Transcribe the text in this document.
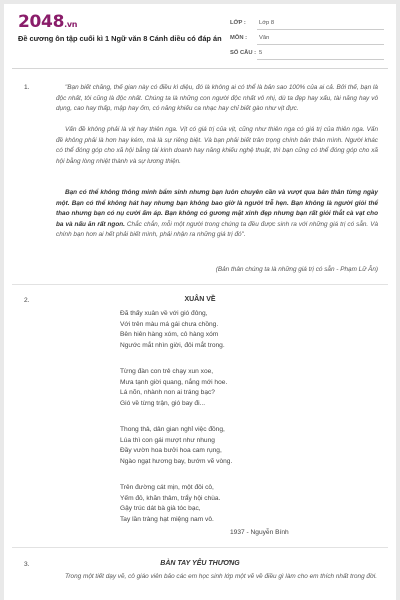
2048.vn
Đề cương ôn tập cuối kì 1 Ngữ văn 8 Cánh diều có đáp án
LỚP : Lớp 8
MÔN : Văn
SỐ CÂU : 5
1.	"Bạn biết chăng, thế gian này có điều kì diệu, đó là không ai có thể là bản sao 100% của ai cả. Bởi thế, bạn là độc nhất, tôi cũng là độc nhất. Chúng ta là những con người độc nhất vô nhị, dù ta đẹp hay xấu, tài năng hay vô dụng, cao hay thấp, mập hay ốm, có năng khiếu ca nhạc hay chỉ biết gào như vịt đực.
Vấn đề không phải là vịt hay thiên nga. Vịt có giá trị của vịt, cũng như thiên nga có giá trị của thiên nga. Vấn đề không phải là hơn hay kém, mà là sự riêng biệt. Và bạn phải biết trân trọng chính bản thân mình. Người khác có thể đóng góp cho xã hội bằng tài kinh doanh hay năng khiếu nghệ thuật, thì bạn cũng có thể đóng góp cho xã hội bằng lòng nhiệt thành và sự lương thiện.
Bạn có thể không thông minh bẩm sinh nhưng bạn luôn chuyên cần và vượt qua bản thân từng ngày một. Bạn có thể không hát hay nhưng bạn không bao giờ là người trễ hẹn. Bạn không là người giỏi thể thao nhưng bạn có nụ cười ấm áp. Bạn không có gương mặt xinh đẹp nhưng bạn rất giỏi thắt cà vạt cho ba và nấu ăn rất ngon. Chắc chắn, mỗi một người trong chúng ta đều được sinh ra với những giá trị có sẵn. Và chính bạn hơn ai hết phải biết mình, phải nhận ra những giá trị đó".
(Bản thân chúng ta là những giá trị có sẵn - Phạm Lữ Ân)
2.	XUÂN VỀ
Đã thấy xuân về với gió đông,
Với trên màu má gái chưa chồng.
Bên hiên hàng xóm, cô hàng xóm
Ngước mắt nhìn giời, đôi mắt trong.
Từng đàn con trẻ chạy xun xoe,
Mưa tạnh giời quang, nắng mới hoe.
Lá nõn, nhành non ai tráng bạc?
Gió về từng trận, gió bay đi...
Thong thả, dân gian nghỉ việc đồng,
Lúa thì con gái mượt như nhung
Đầy vườn hoa bưởi hoa cam rụng,
Ngào ngạt hương bay, bướm vẽ vòng.
Trên đường cát mịn, một đôi cô,
Yếm đỏ, khăn thâm, trẩy hội chùa.
Gậy trúc dát bà già tóc bạc,
Tay lần tràng hạt miệng nam vô.
1937 - Nguyễn Bính
3.	BÀN TAY YÊU THƯƠNG
Trong một tiết dạy vẽ, cô giáo viên bảo các em học sinh lớp một vẽ về điều gì làm cho em thích nhất trong đời.
